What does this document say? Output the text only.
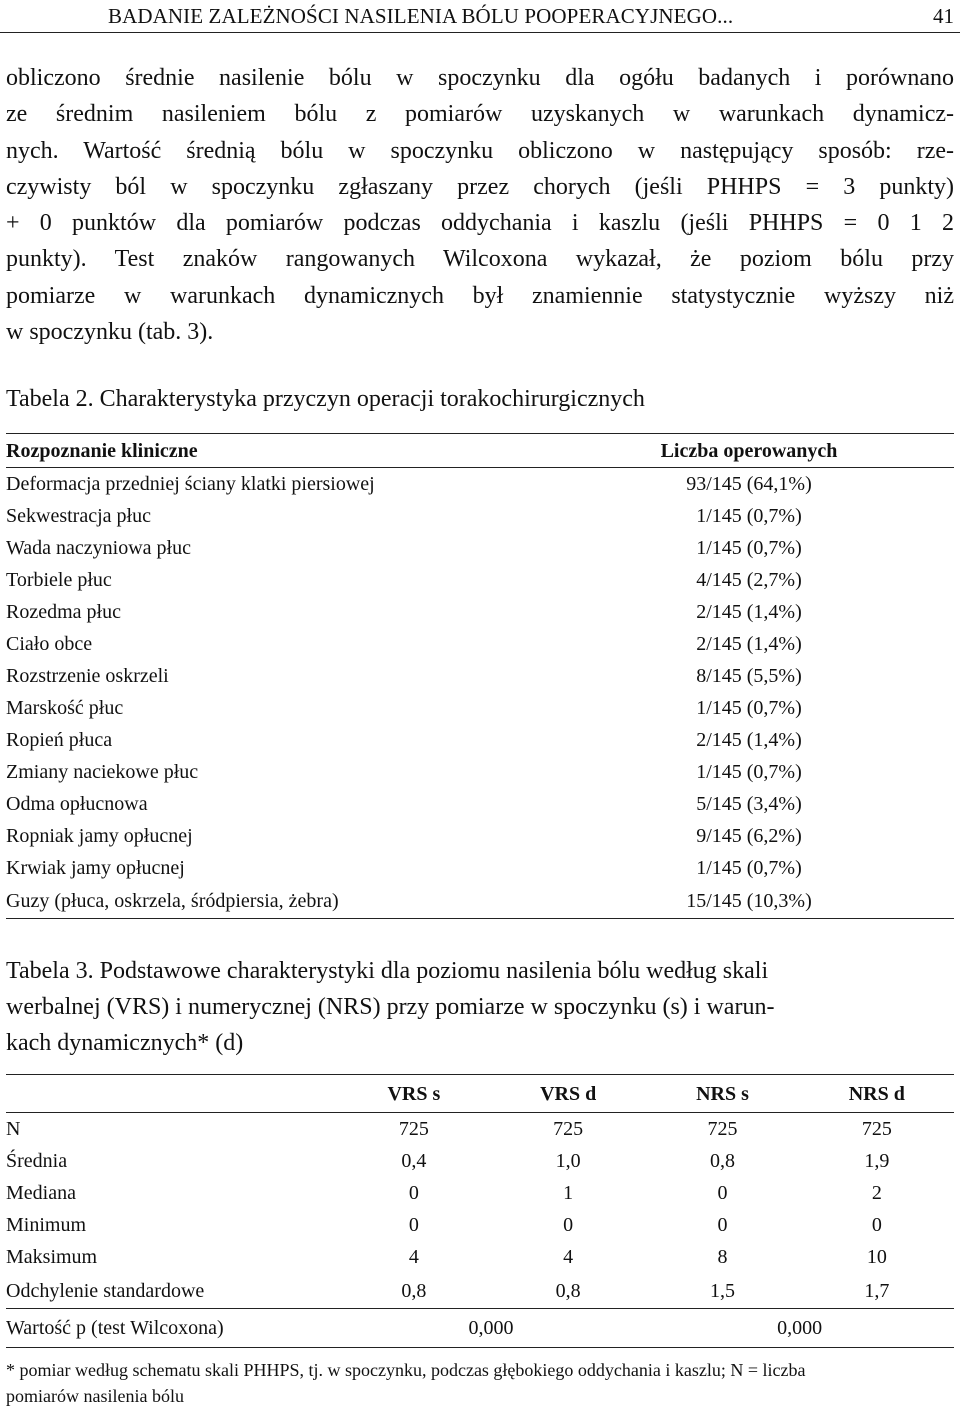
BADANIE ZALEŻNOŚCI NASILENIA BÓLU POOPERACYJNEGO...	41
obliczono średnie nasilenie bólu w spoczynku dla ogółu badanych i porównano
ze średnim nasileniem bólu z pomiarów uzyskanych w warunkach dynamicz-
nych. Wartość średnią bólu w spoczynku obliczono w następujący sposób: rze-
czywisty ból w spoczynku zgłaszany przez chorych (jeśli PHHPS = 3 punkty)
+ 0 punktów dla pomiarów podczas oddychania i kaszlu (jeśli PHHPS = 0 1 2
punkty). Test znaków rangowanych Wilcoxona wykazał, że poziom bólu przy
pomiarze w warunkach dynamicznych był znamiennie statystycznie wyższy niż
w spoczynku (tab. 3).
Tabela 2. Charakterystyka przyczyn operacji torakochirurgicznych
Rozpoznanie kliniczne	Liczba operowanych
Deformacja przedniej ściany klatki piersiowej	93/145 (64,1%)
Sekwestracja płuc	1/145 (0,7%)
Wada naczyniowa płuc	1/145 (0,7%)
Torbiele płuc	4/145 (2,7%)
Rozedma płuc	2/145 (1,4%)
Ciało obce	2/145 (1,4%)
Rozstrzenie oskrzeli	8/145 (5,5%)
Marskość płuc	1/145 (0,7%)
Ropień płuca	2/145 (1,4%)
Zmiany naciekowe płuc	1/145 (0,7%)
Odma opłucnowa	5/145 (3,4%)
Ropniak jamy opłucnej	9/145 (6,2%)
Krwiak jamy opłucnej	1/145 (0,7%)
Guzy (płuca, oskrzela, śródpiersia, żebra)	15/145 (10,3%)
Tabela 3. Podstawowe charakterystyki dla poziomu nasilenia bólu według skali
werbalnej (VRS) i numerycznej (NRS) przy pomiarze w spoczynku (s) i warun-
kach dynamicznych* (d)
	VRS s	VRS d	NRS s	NRS d
N	725	725	725	725
Średnia	0,4	1,0	0,8	1,9
Mediana	0	1	0	2
Minimum	0	0	0	0
Maksimum	4	4	8	10
Odchylenie standardowe	0,8	0,8	1,5	1,7
Wartość p (test Wilcoxona)	0,000		0,000	
* pomiar według schematu skali PHHPS, tj. w spoczynku, podczas głębokiego oddychania i kaszlu; N = liczba
pomiarów nasilenia bólu
